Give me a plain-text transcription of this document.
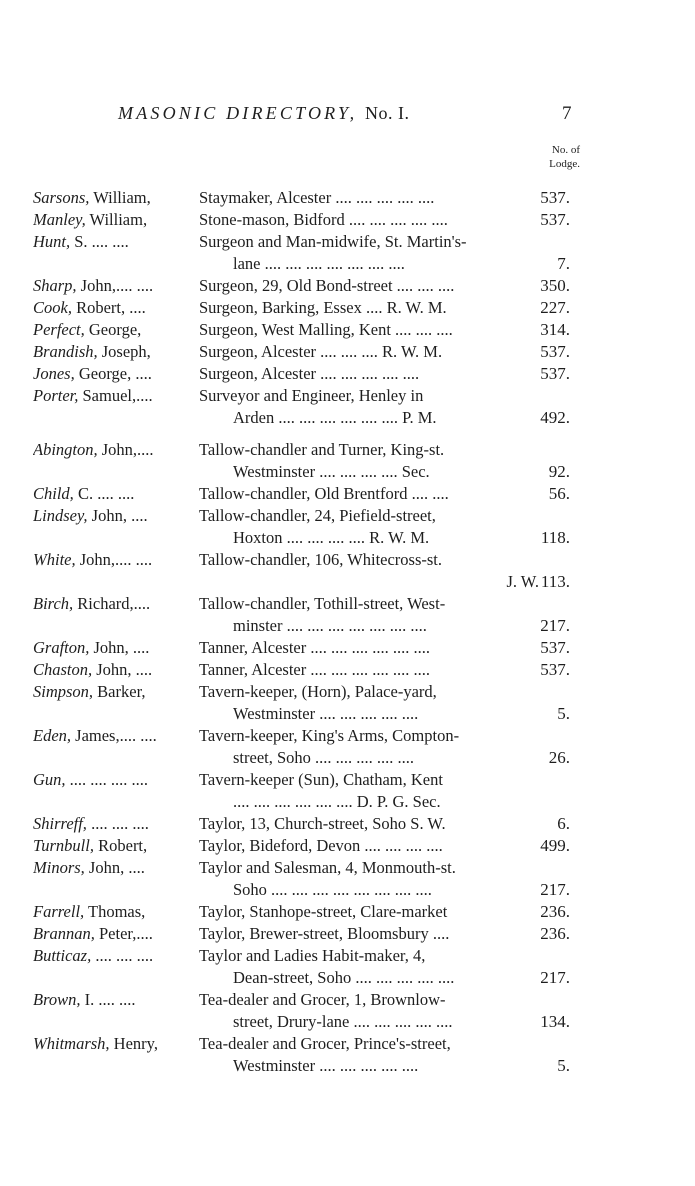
MASONIC DIRECTORY, No. I.	7
No. of
Lodge.
Sarsons, William,	Staymaker, Alcester .... .... .... .... ....	537.
Manley, William,	Stone-mason, Bidford .... .... .... .... ....	537.
Hunt, S. .... ....	Surgeon and Man-midwife, St. Martin's-
lane .... .... .... .... .... .... ....	7.
Sharp, John,.... ....	Surgeon, 29, Old Bond-street .... .... ....	350.
Cook, Robert, ....	Surgeon, Barking, Essex .... R. W. M.	227.
Perfect, George,	Surgeon, West Malling, Kent .... .... ....	314.
Brandish, Joseph,	Surgeon, Alcester .... .... .... R. W. M.	537.
Jones, George, ....	Surgeon, Alcester .... .... .... .... ....	537.
Porter, Samuel,....	Surveyor and Engineer, Henley in
Arden .... .... .... .... .... .... P. M.	492.
Abington, John,....	Tallow-chandler and Turner, King-st.
Westminster .... .... .... .... Sec.	92.
Child, C. .... ....	Tallow-chandler, Old Brentford .... ....	56.
Lindsey, John, ....	Tallow-chandler, 24, Piefield-street,
Hoxton .... .... .... .... R. W. M.	118.
White, John,.... ....	Tallow-chandler, 106, Whitecross-st.
J. W. 113.
Birch, Richard,....	Tallow-chandler, Tothill-street, West-
minster .... .... .... .... .... .... ....	217.
Grafton, John, ....	Tanner, Alcester .... .... .... .... .... ....	537.
Chaston, John, ....	Tanner, Alcester .... .... .... .... .... ....	537.
Simpson, Barker,	Tavern-keeper, (Horn), Palace-yard,
Westminster .... .... .... .... ....	5.
Eden, James,.... ....	Tavern-keeper, King's Arms, Compton-
street, Soho .... .... .... .... ....	26.
Gun, .... .... .... ....	Tavern-keeper (Sun), Chatham, Kent
.... .... .... .... .... .... D. P. G. Sec.
Shirreff, .... .... ....	Taylor, 13, Church-street, Soho S. W.	6.
Turnbull, Robert,	Taylor, Bideford, Devon .... .... .... ....	499.
Minors, John, ....	Taylor and Salesman, 4, Monmouth-st.
Soho .... .... .... .... .... .... .... ....	217.
Farrell, Thomas,	Taylor, Stanhope-street, Clare-market	236.
Brannan, Peter,....	Taylor, Brewer-street, Bloomsbury ....	236.
Butticaz, .... .... ....	Taylor and Ladies Habit-maker, 4,
Dean-street, Soho .... .... .... .... ....	217.
Brown, I. .... ....	Tea-dealer and Grocer, 1, Brownlow-
street, Drury-lane .... .... .... .... ....	134.
Whitmarsh, Henry,	Tea-dealer and Grocer, Prince's-street,
Westminster .... .... .... .... ....	5.
